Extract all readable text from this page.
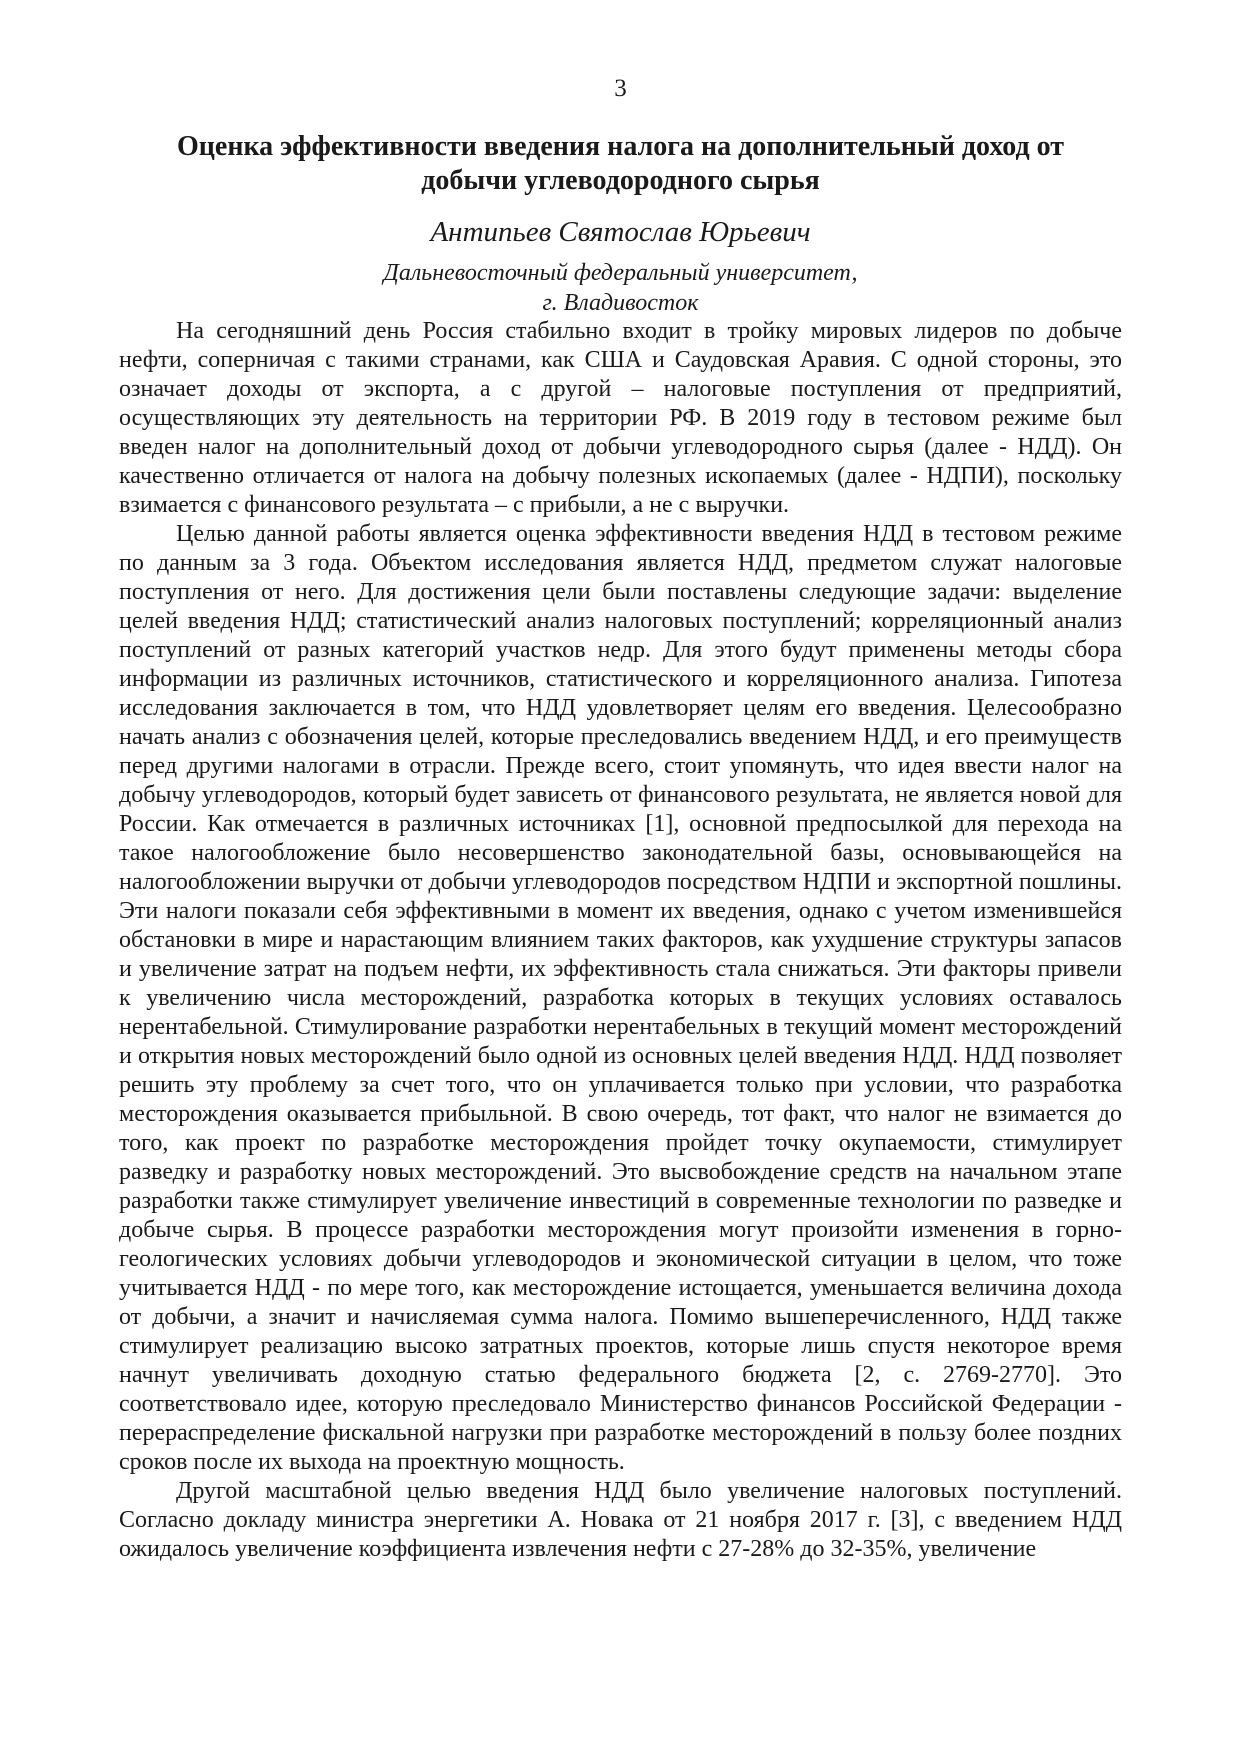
3
Оценка эффективности введения налога на дополнительный доход от
добычи углеводородного сырья
Антипьев Святослав Юрьевич
Дальневосточный федеральный университет,
г. Владивосток

На сегодняшний день Россия стабильно входит в тройку мировых лидеров по добыче нефти, соперничая с такими странами, как США и Саудовская Аравия. С одной стороны, это означает доходы от экспорта, а с другой – налоговые поступления от предприятий, осуществляющих эту деятельность на территории РФ. В 2019 году в тестовом режиме был введен налог на дополнительный доход от добычи углеводородного сырья (далее - НДД). Он качественно отличается от налога на добычу полезных ископаемых (далее - НДПИ), поскольку взимается с финансового результата – с прибыли, а не с выручки.

Целью данной работы является оценка эффективности введения НДД в тестовом режиме по данным за 3 года. Объектом исследования является НДД, предметом служат налоговые поступления от него. Для достижения цели были поставлены следующие задачи: выделение целей введения НДД; статистический анализ налоговых поступлений; корреляционный анализ поступлений от разных категорий участков недр. Для этого будут применены методы сбора информации из различных источников, статистического и корреляционного анализа. Гипотеза исследования заключается в том, что НДД удовлетворяет целям его введения. Целесообразно начать анализ с обозначения целей, которые преследовались введением НДД, и его преимуществ перед другими налогами в отрасли. Прежде всего, стоит упомянуть, что идея ввести налог на добычу углеводородов, который будет зависеть от финансового результата, не является новой для России. Как отмечается в различных источниках [1], основной предпосылкой для перехода на такое налогообложение было несовершенство законодательной базы, основывающейся на налогообложении выручки от добычи углеводородов посредством НДПИ и экспортной пошлины. Эти налоги показали себя эффективными в момент их введения, однако с учетом изменившейся обстановки в мире и нарастающим влиянием таких факторов, как ухудшение структуры запасов и увеличение затрат на подъем нефти, их эффективность стала снижаться. Эти факторы привели к увеличению числа месторождений, разработка которых в текущих условиях оставалось нерентабельной. Стимулирование разработки нерентабельных в текущий момент месторождений и открытия новых месторождений было одной из основных целей введения НДД. НДД позволяет решить эту проблему за счет того, что он уплачивается только при условии, что разработка месторождения оказывается прибыльной. В свою очередь, тот факт, что налог не взимается до того, как проект по разработке месторождения пройдет точку окупаемости, стимулирует разведку и разработку новых месторождений. Это высвобождение средств на начальном этапе разработки также стимулирует увеличение инвестиций в современные технологии по разведке и добыче сырья. В процессе разработки месторождения могут произойти изменения в горно-геологических условиях добычи углеводородов и экономической ситуации в целом, что тоже учитывается НДД - по мере того, как месторождение истощается, уменьшается величина дохода от добычи, а значит и начисляемая сумма налога. Помимо вышеперечисленного, НДД также стимулирует реализацию высоко затратных проектов, которые лишь спустя некоторое время начнут увеличивать доходную статью федерального бюджета [2, с. 2769-2770]. Это соответствовало идее, которую преследовало Министерство финансов Российской Федерации - перераспределение фискальной нагрузки при разработке месторождений в пользу более поздних сроков после их выхода на проектную мощность.

Другой масштабной целью введения НДД было увеличение налоговых поступлений. Согласно докладу министра энергетики А. Новака от 21 ноября 2017 г. [3], с введением НДД ожидалось увеличение коэффициента извлечения нефти с 27-28% до 32-35%, увеличение
